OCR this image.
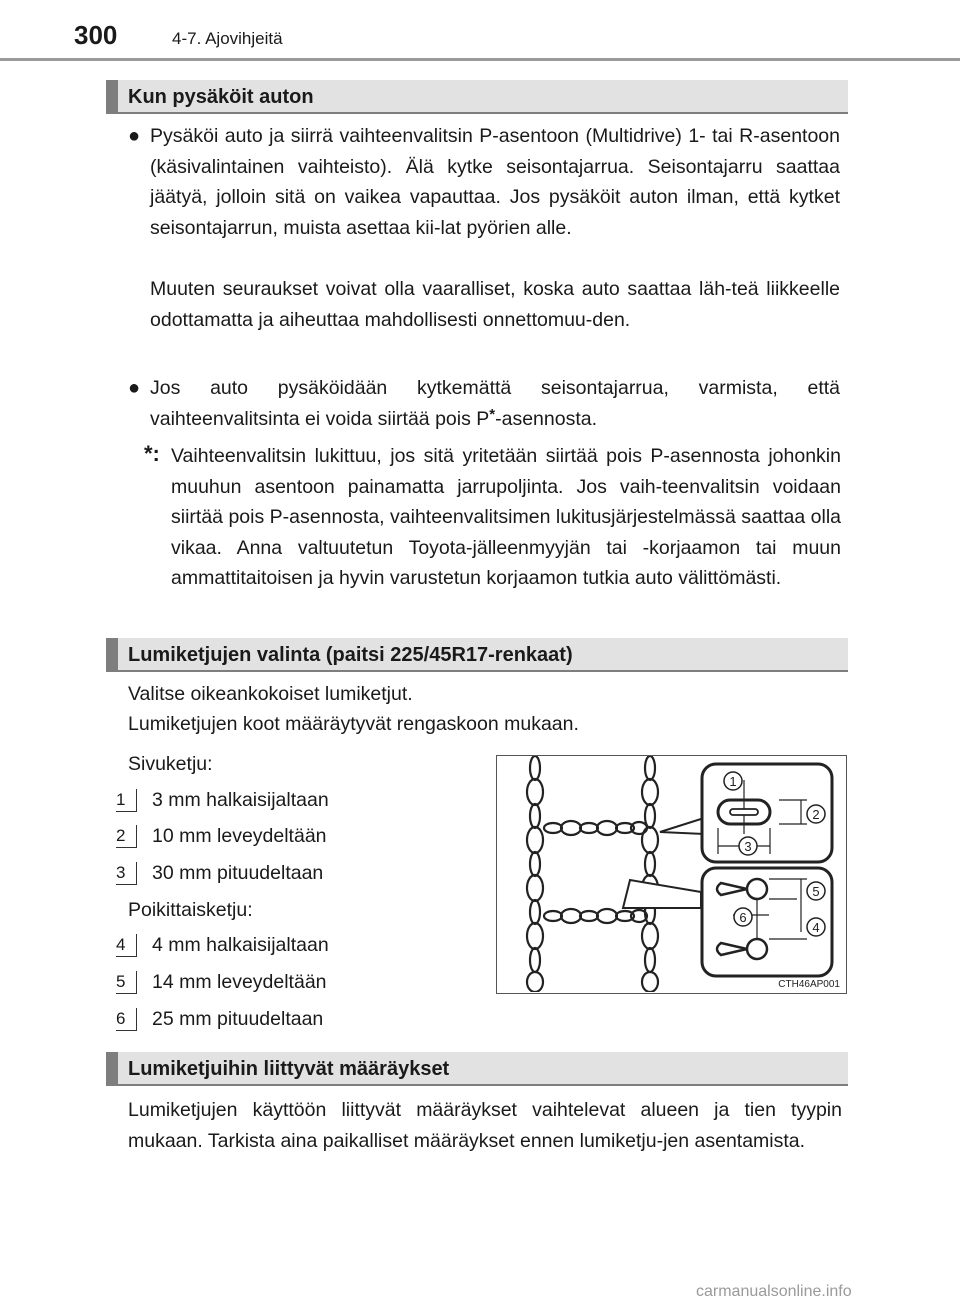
300	4-7. Ajovihjeitä
Kun pysäköit auton
● Pysäköi auto ja siirrä vaihteenvalitsin P-asentoon (Multidrive) 1- tai R-asentoon (käsivalintainen vaihteisto). Älä kytke seisontajarrua. Seisontajarru saattaa jäätyä, jolloin sitä on vaikea vapauttaa. Jos pysäköit auton ilman, että kytket seisontajarrun, muista asettaa kii-lat pyörien alle.
Muuten seuraukset voivat olla vaaralliset, koska auto saattaa läh-teä liikkeelle odottamatta ja aiheuttaa mahdollisesti onnettomuu-den.
● Jos auto pysäköidään kytkemättä seisontajarrua, varmista, että
vaihteenvalitsinta ei voida siirtää pois P*-asennosta.
*: Vaihteenvalitsin lukittuu, jos sitä yritetään siirtää pois P-asennosta johonkin muuhun asentoon painamatta jarrupoljinta. Jos vaih-teenvalitsin voidaan siirtää pois P-asennosta, vaihteenvalitsimen lukitusjärjestelmässä saattaa olla vikaa. Anna valtuutetun Toyota-jälleenmyyjän tai -korjaamon tai muun ammattitaitoisen ja hyvin varustetun korjaamon tutkia auto välittömästi.
Lumiketjujen valinta (paitsi 225/45R17-renkaat)
Valitse oikeankokoiset lumiketjut.
Lumiketjujen koot määräytyvät rengaskoon mukaan.
Sivuketju:
1	3 mm halkaisijaltaan
2	10 mm leveydeltään
3	30 mm pituudeltaan
Poikittaisketju:
4	4 mm halkaisijaltaan
5	14 mm leveydeltään
6	25 mm pituudeltaan
1
2
3
5
6
4
CTH46AP001
Lumiketjuihin liittyvät määräykset
Lumiketjujen käyttöön liittyvät määräykset vaihtelevat alueen ja tien tyypin mukaan. Tarkista aina paikalliset määräykset ennen lumiketju-jen asentamista.
carmanualsonline.info
